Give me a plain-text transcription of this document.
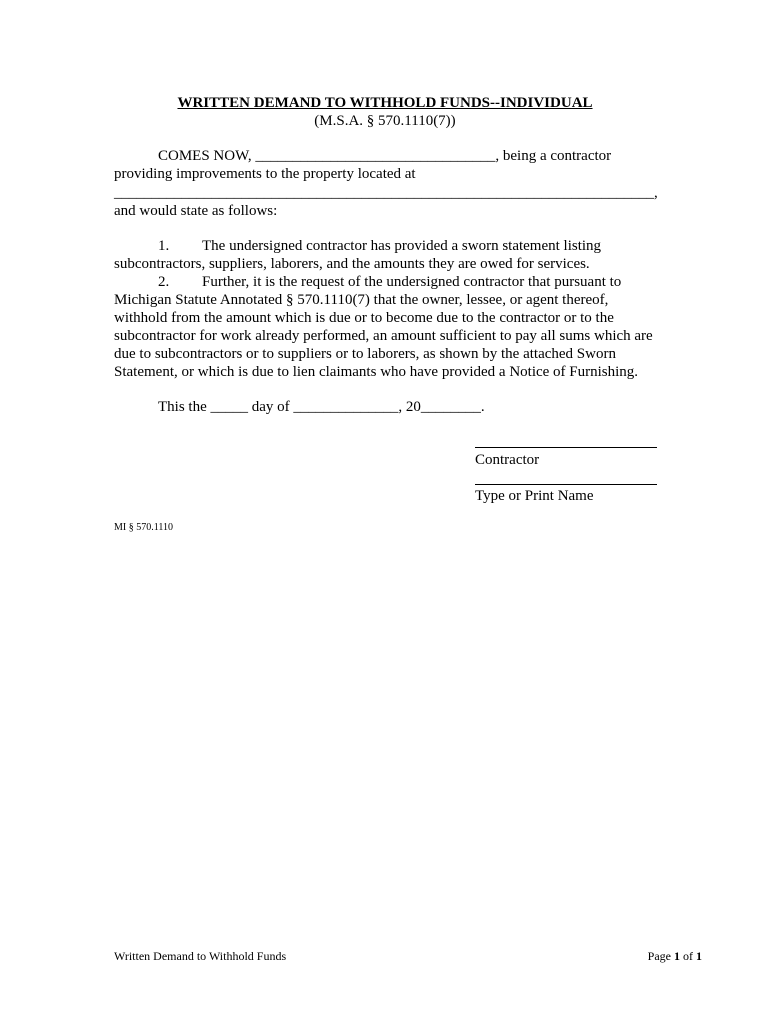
WRITTEN DEMAND TO WITHHOLD FUNDS--INDIVIDUAL
(M.S.A. § 570.1110(7))
COMES NOW, ________________________________, being a contractor
providing improvements to the property located at
________________________________________________________________________,
and would state as follows:
1. The undersigned contractor has provided a sworn statement listing
subcontractors, suppliers, laborers, and the amounts they are owed for services.
2. Further, it is the request of the undersigned contractor that pursuant to
Michigan Statute Annotated § 570.1110(7) that the owner, lessee, or agent thereof,
withhold from the amount which is due or to become due to the contractor or to the
subcontractor for work already performed, an amount sufficient to pay all sums which are
due to subcontractors or to suppliers or to laborers, as shown by the attached Sworn
Statement, or which is due to lien claimants who have provided a Notice of Furnishing.
This the _____ day of ______________, 20________.
Contractor
Type or Print Name
MI § 570.1110
Written Demand to Withhold Funds	Page 1 of 1
